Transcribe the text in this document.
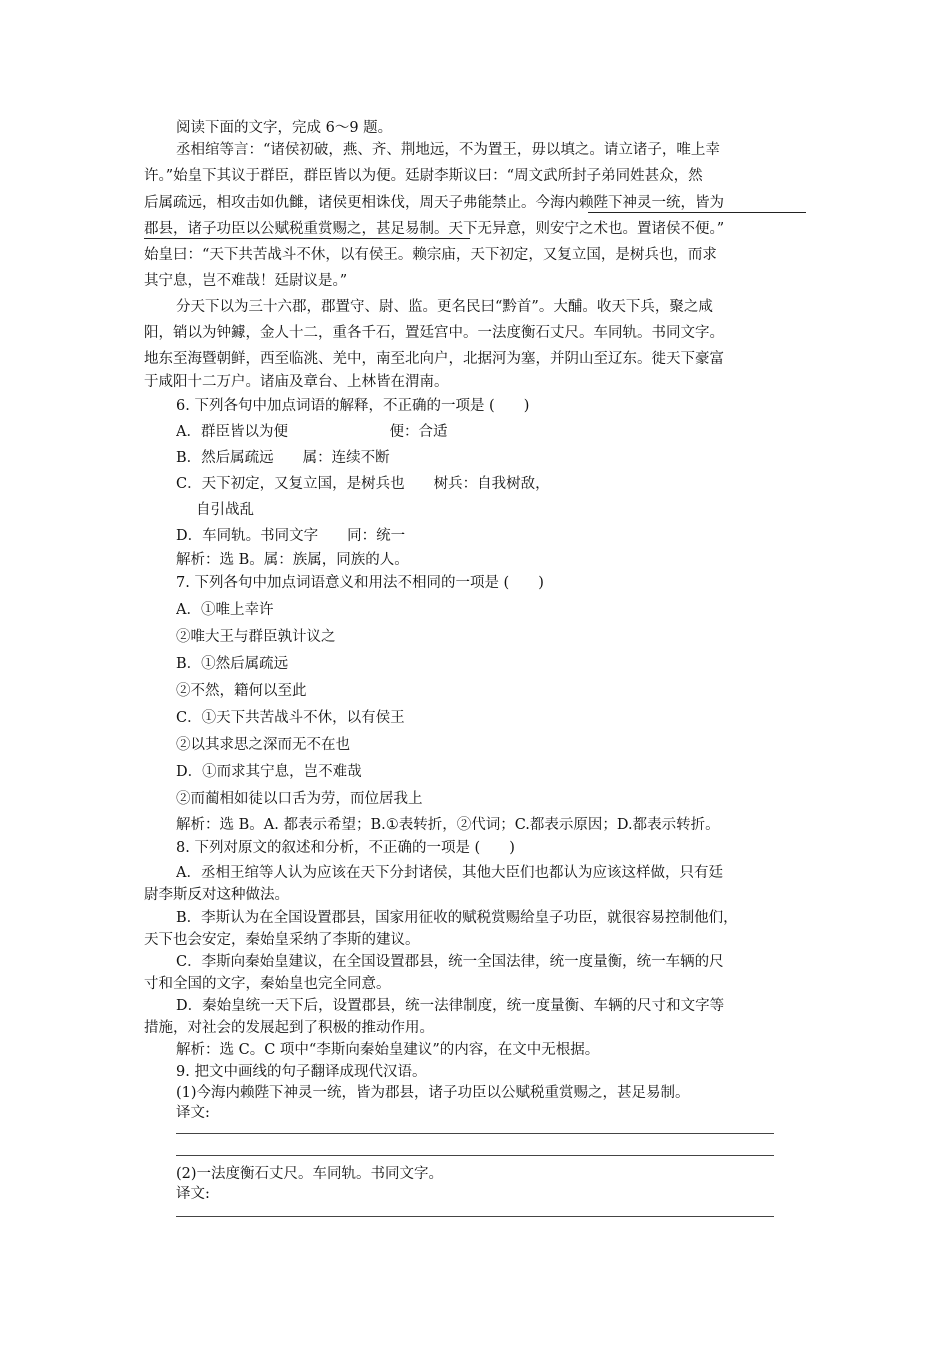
阅读下面的文字，完成 6～9 题。
丞相绾等言：“诸侯初破，燕、齐、荆地远，不为置王，毋以填之。请立诸子，唯上幸
许。”始皇下其议于群臣，群臣皆以为便。廷尉李斯议曰：“周文武所封子弟同姓甚众，然
后属疏远，相攻击如仇雠，诸侯更相诛伐，周天子弗能禁止。今海内赖陛下神灵一统，皆为
郡县，诸子功臣以公赋税重赏赐之，甚足易制。天下无异意，则安宁之术也。置诸侯不便。”
始皇曰：“天下共苦战斗不休，以有侯王。赖宗庙，天下初定，又复立国，是树兵也，而求
其宁息，岂不难哉！廷尉议是。”
分天下以为三十六郡，郡置守、尉、监。更名民曰“黔首”。大酺。收天下兵，聚之咸
阳，销以为钟鐻，金人十二，重各千石，置廷宫中。一法度衡石丈尺。车同轨。书同文字。
地东至海暨朝鲜，西至临洮、羌中，南至北向户，北据河为塞，并阴山至辽东。徙天下豪富
于咸阳十二万户。诸庙及章台、上林皆在渭南。
6. 下列各句中加点词语的解释，不正确的一项是 (　　)
A．群臣皆以为便　　　　　　　便：合适
B．然后属疏远　　属：连续不断
C．天下初定，又复立国，是树兵也　　树兵：自我树敌，
自引战乱
D．车同轨。书同文字　　同：统一
解析：选 B。属：族属，同族的人。
7. 下列各句中加点词语意义和用法不相同的一项是 (　　)
A．①唯上幸许
②唯大王与群臣孰计议之
B．①然后属疏远
②不然，籍何以至此
C．①天下共苦战斗不休，以有侯王
②以其求思之深而无不在也
D．①而求其宁息，岂不难哉
②而蔺相如徒以口舌为劳，而位居我上
解析：选 B。A. 都表示希望；B.①表转折，②代词；C.都表示原因；D.都表示转折。
8. 下列对原文的叙述和分析，不正确的一项是 (　　)
A．丞相王绾等人认为应该在天下分封诸侯，其他大臣们也都认为应该这样做，只有廷
尉李斯反对这种做法。
B．李斯认为在全国设置郡县，国家用征收的赋税赏赐给皇子功臣，就很容易控制他们，
天下也会安定，秦始皇采纳了李斯的建议。
C．李斯向秦始皇建议，在全国设置郡县，统一全国法律，统一度量衡，统一车辆的尺
寸和全国的文字，秦始皇也完全同意。
D．秦始皇统一天下后，设置郡县，统一法律制度，统一度量衡、车辆的尺寸和文字等
措施，对社会的发展起到了积极的推动作用。
解析：选 C。C 项中“李斯向秦始皇建议”的内容，在文中无根据。
9. 把文中画线的句子翻译成现代汉语。
(1)今海内赖陛下神灵一统，皆为郡县，诸子功臣以公赋税重赏赐之，甚足易制。
译文:
(2)一法度衡石丈尺。车同轨。书同文字。
译文:
